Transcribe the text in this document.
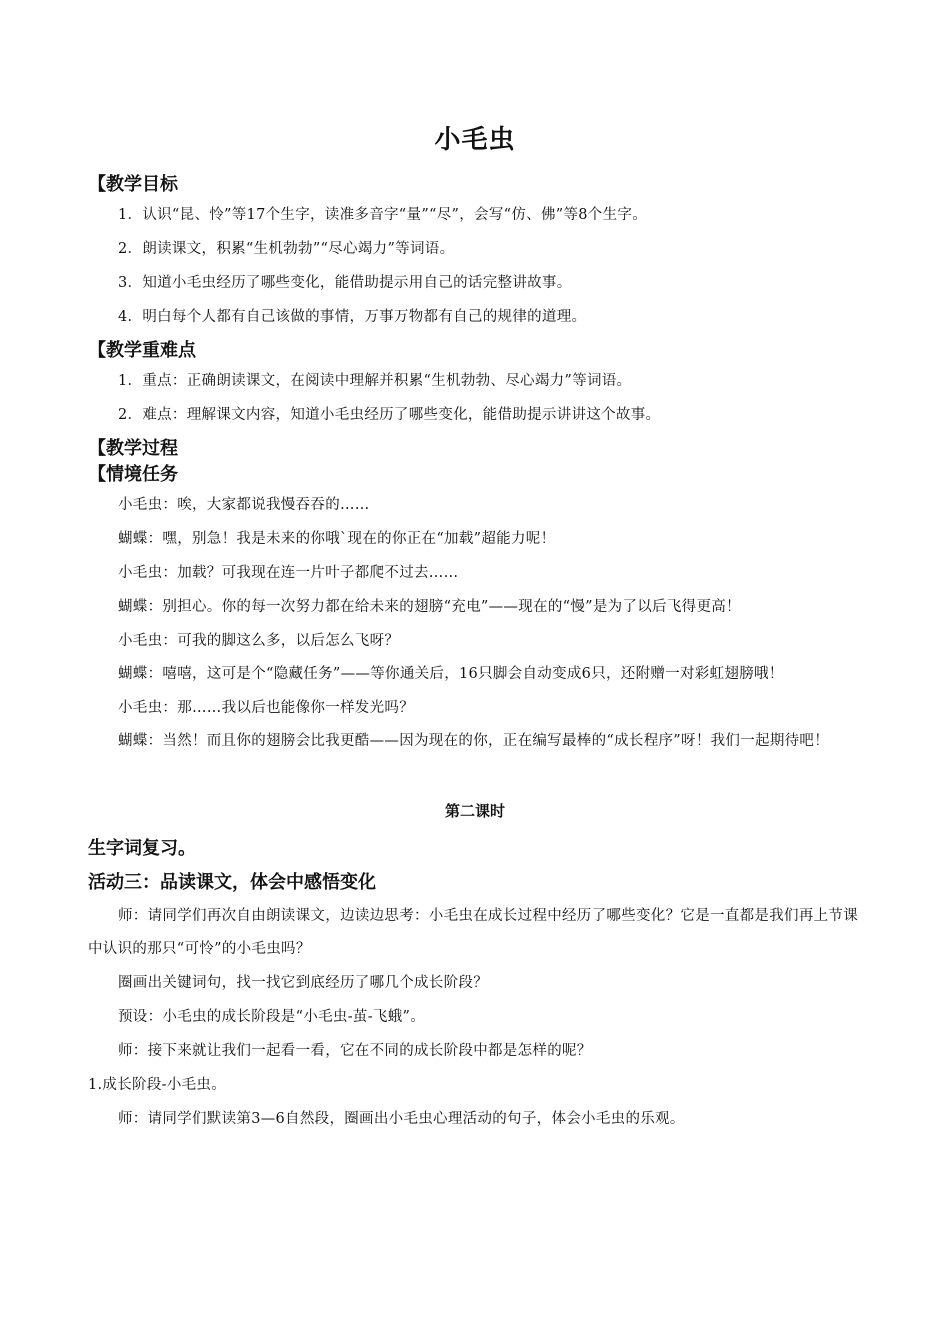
小毛虫
【教学目标

1．认识“昆、怜”等17个生字，读准多音字“量”“尽”，会写“仿、佛”等8个生字。

2．朗读课文，积累“生机勃勃”“尽心竭力”等词语。

3．知道小毛虫经历了哪些变化，能借助提示用自己的话完整讲故事。

4．明白每个人都有自己该做的事情，万事万物都有自己的规律的道理。

【教学重难点

1．重点：正确朗读课文，在阅读中理解并积累“生机勃勃、尽心竭力”等词语。

2．难点：理解课文内容，知道小毛虫经历了哪些变化，能借助提示讲讲这个故事。

【教学过程
【情境任务

小毛虫：唉，大家都说我慢吞吞的……

蝴蝶：嘿，别急！我是未来的你哦`现在的你正在“加载”超能力呢！

小毛虫：加载？可我现在连一片叶子都爬不过去……

蝴蝶：别担心。你的每一次努力都在给未来的翅膀“充电”——现在的“慢”是为了以后飞得更高！

小毛虫：可我的脚这么多，以后怎么飞呀？

蝴蝶：嘻嘻，这可是个“隐藏任务”——等你通关后，16只脚会自动变成6只，还附赠一对彩虹翅膀哦！

小毛虫：那……我以后也能像你一样发光吗？

蝴蝶：当然！而且你的翅膀会比我更酷——因为现在的你，正在编写最棒的“成长程序”呀！我们一起期待吧！

第二课时
生字词复习。
活动三：品读课文，体会中感悟变化

师：请同学们再次自由朗读课文，边读边思考：小毛虫在成长过程中经历了哪些变化？它是一直都是我们再上节课中认识的那只“可怜”的小毛虫吗？

圈画出关键词句，找一找它到底经历了哪几个成长阶段？

预设：小毛虫的成长阶段是“小毛虫-茧-飞蛾”。

师：接下来就让我们一起看一看，它在不同的成长阶段中都是怎样的呢？

1.成长阶段-小毛虫。

师：请同学们默读第3—6自然段，圈画出小毛虫心理活动的句子，体会小毛虫的乐观。
